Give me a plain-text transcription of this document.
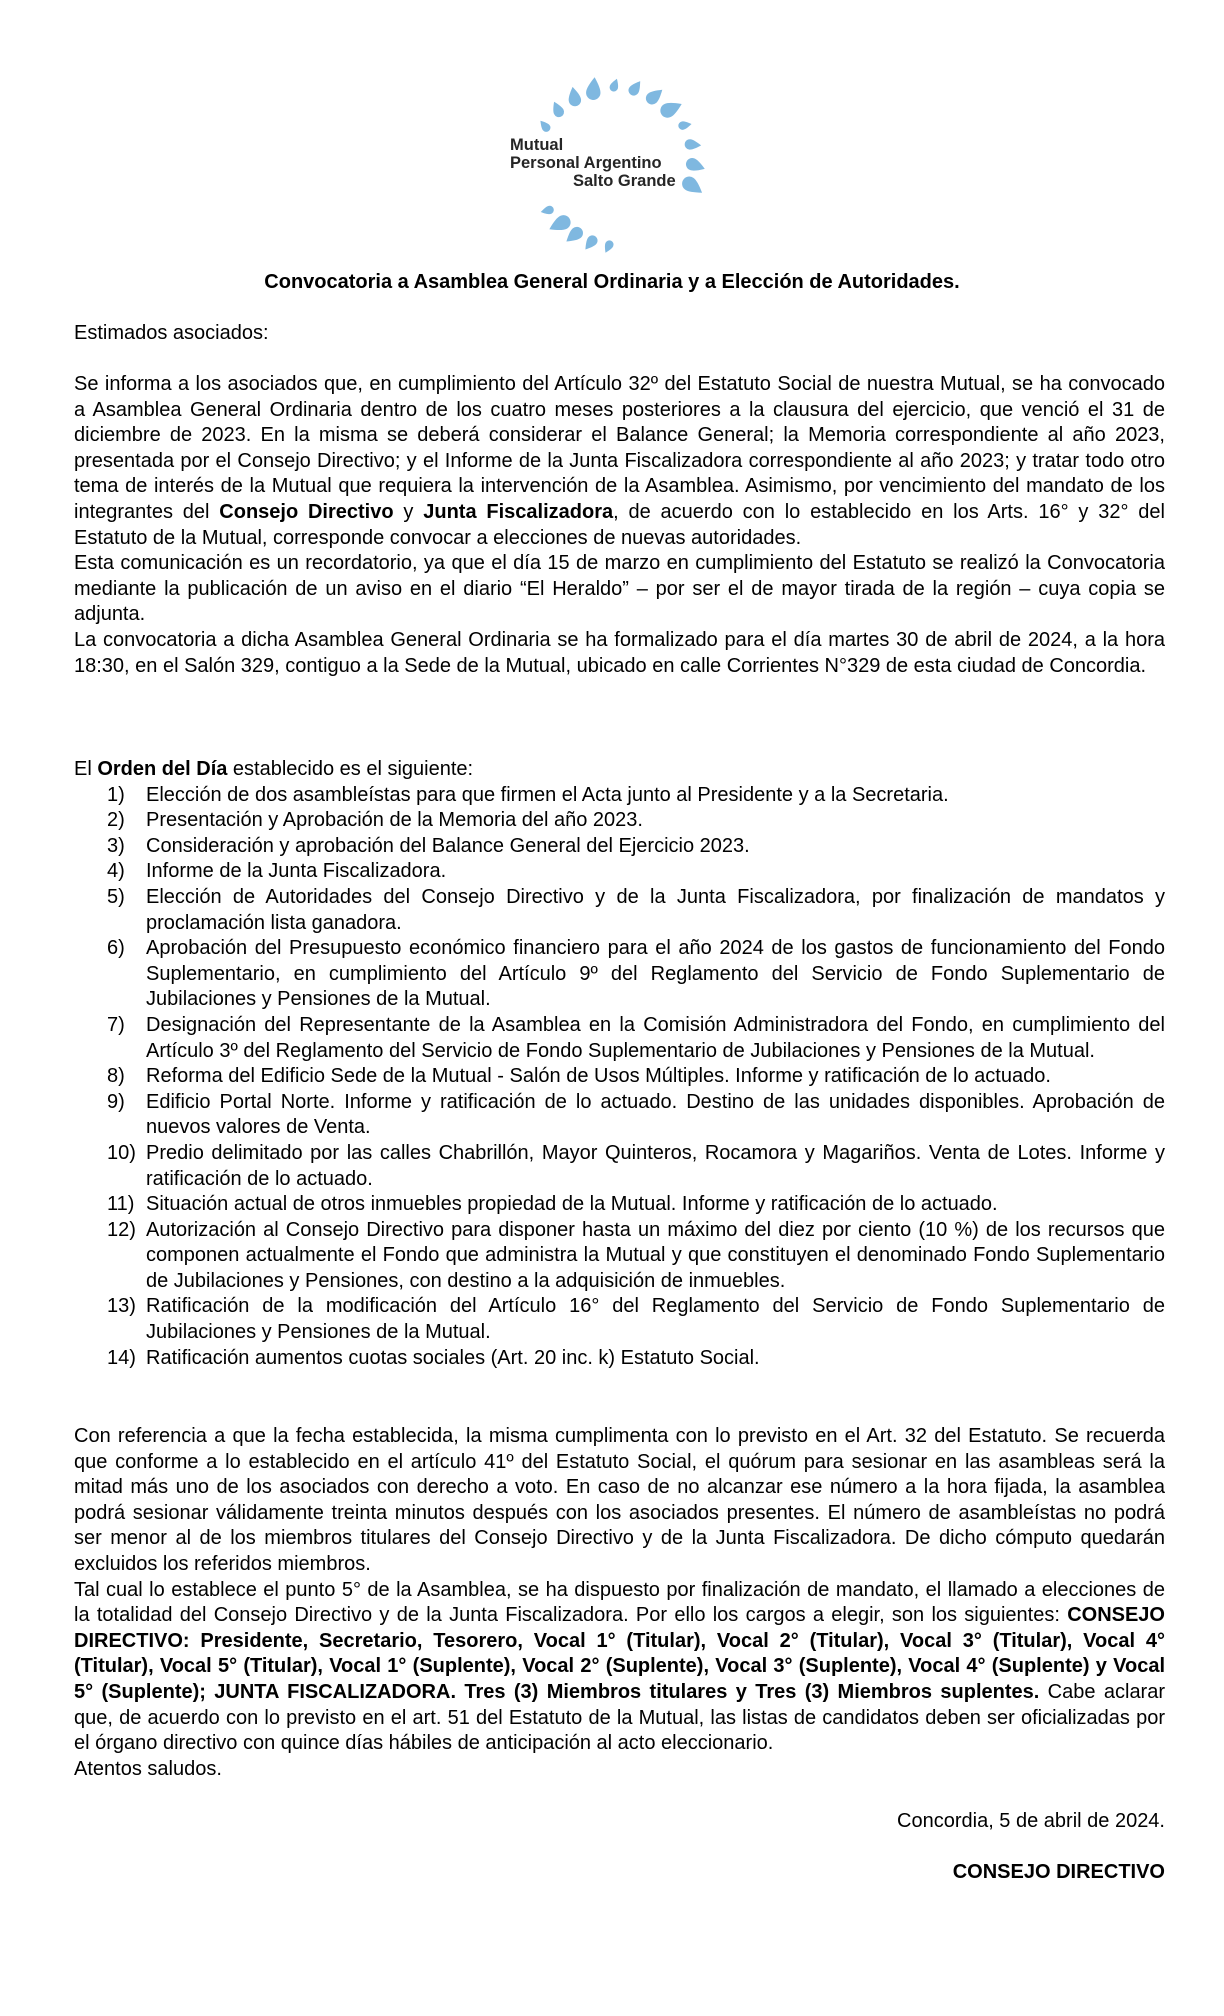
Mutual
Personal Argentino
Salto Grande
Convocatoria a Asamblea General Ordinaria y a Elección de Autoridades.

Estimados asociados:

Se informa a los asociados que, en cumplimiento del Artículo 32º del Estatuto Social de nuestra Mutual, se ha convocado a Asamblea General Ordinaria dentro de los cuatro meses posteriores a la clausura del ejercicio, que venció el 31 de diciembre de 2023. En la misma se deberá considerar el Balance General; la Memoria correspondiente al año 2023, presentada por el Consejo Directivo; y el Informe de la Junta Fiscalizadora correspondiente al año 2023; y tratar todo otro tema de interés de la Mutual que requiera la intervención de la Asamblea. Asimismo, por vencimiento del mandato de los integrantes del Consejo Directivo y Junta Fiscalizadora, de acuerdo con lo establecido en los Arts. 16° y 32° del Estatuto de la Mutual, corresponde convocar a elecciones de nuevas autoridades.

Esta comunicación es un recordatorio, ya que el día 15 de marzo en cumplimiento del Estatuto se realizó la Convocatoria mediante la publicación de un aviso en el diario “El Heraldo” – por ser el de mayor tirada de la región – cuya copia se adjunta.

La convocatoria a dicha Asamblea General Ordinaria se ha formalizado para el día martes 30 de abril de 2024, a la hora 18:30, en el Salón 329, contiguo a la Sede de la Mutual, ubicado en calle Corrientes N°329 de esta ciudad de Concordia.

El Orden del Día establecido es el siguiente:

1) Elección de dos asambleístas para que firmen el Acta junto al Presidente y a la Secretaria.
2) Presentación y Aprobación de la Memoria del año 2023.
3) Consideración y aprobación del Balance General del Ejercicio 2023.
4) Informe de la Junta Fiscalizadora.
5) Elección de Autoridades del Consejo Directivo y de la Junta Fiscalizadora, por finalización de mandatos y proclamación lista ganadora.
6) Aprobación del Presupuesto económico financiero para el año 2024 de los gastos de funcionamiento del Fondo Suplementario, en cumplimiento del Artículo 9º del Reglamento del Servicio de Fondo Suplementario de Jubilaciones y Pensiones de la Mutual.
7) Designación del Representante de la Asamblea en la Comisión Administradora del Fondo, en cumplimiento del Artículo 3º del Reglamento del Servicio de Fondo Suplementario de Jubilaciones y Pensiones de la Mutual.
8) Reforma del Edificio Sede de la Mutual - Salón de Usos Múltiples. Informe y ratificación de lo actuado.
9) Edificio Portal Norte. Informe y ratificación de lo actuado. Destino de las unidades disponibles. Aprobación de nuevos valores de Venta.
10) Predio delimitado por las calles Chabrillón, Mayor Quinteros, Rocamora y Magariños. Venta de Lotes. Informe y ratificación de lo actuado.
11) Situación actual de otros inmuebles propiedad de la Mutual. Informe y ratificación de lo actuado.
12) Autorización al Consejo Directivo para disponer hasta un máximo del diez por ciento (10 %) de los recursos que componen actualmente el Fondo que administra la Mutual y que constituyen el denominado Fondo Suplementario de Jubilaciones y Pensiones, con destino a la adquisición de inmuebles.
13) Ratificación de la modificación del Artículo 16° del Reglamento del Servicio de Fondo Suplementario de Jubilaciones y Pensiones de la Mutual.
14) Ratificación aumentos cuotas sociales (Art. 20 inc. k) Estatuto Social.

Con referencia a que la fecha establecida, la misma cumplimenta con lo previsto en el Art. 32 del Estatuto. Se recuerda que conforme a lo establecido en el artículo 41º del Estatuto Social, el quórum para sesionar en las asambleas será la mitad más uno de los asociados con derecho a voto. En caso de no alcanzar ese número a la hora fijada, la asamblea podrá sesionar válidamente treinta minutos después con los asociados presentes. El número de asambleístas no podrá ser menor al de los miembros titulares del Consejo Directivo y de la Junta Fiscalizadora. De dicho cómputo quedarán excluidos los referidos miembros.

Tal cual lo establece el punto 5° de la Asamblea, se ha dispuesto por finalización de mandato, el llamado a elecciones de la totalidad del Consejo Directivo y de la Junta Fiscalizadora. Por ello los cargos a elegir, son los siguientes: CONSEJO DIRECTIVO: Presidente, Secretario, Tesorero, Vocal 1° (Titular), Vocal 2° (Titular), Vocal 3° (Titular), Vocal 4° (Titular), Vocal 5° (Titular), Vocal 1° (Suplente), Vocal 2° (Suplente), Vocal 3° (Suplente), Vocal 4° (Suplente) y Vocal 5° (Suplente); JUNTA FISCALIZADORA. Tres (3) Miembros titulares y Tres (3) Miembros suplentes. Cabe aclarar que, de acuerdo con lo previsto en el art. 51 del Estatuto de la Mutual, las listas de candidatos deben ser oficializadas por el órgano directivo con quince días hábiles de anticipación al acto eleccionario.

Atentos saludos.

Concordia, 5 de abril de 2024.
CONSEJO DIRECTIVO
